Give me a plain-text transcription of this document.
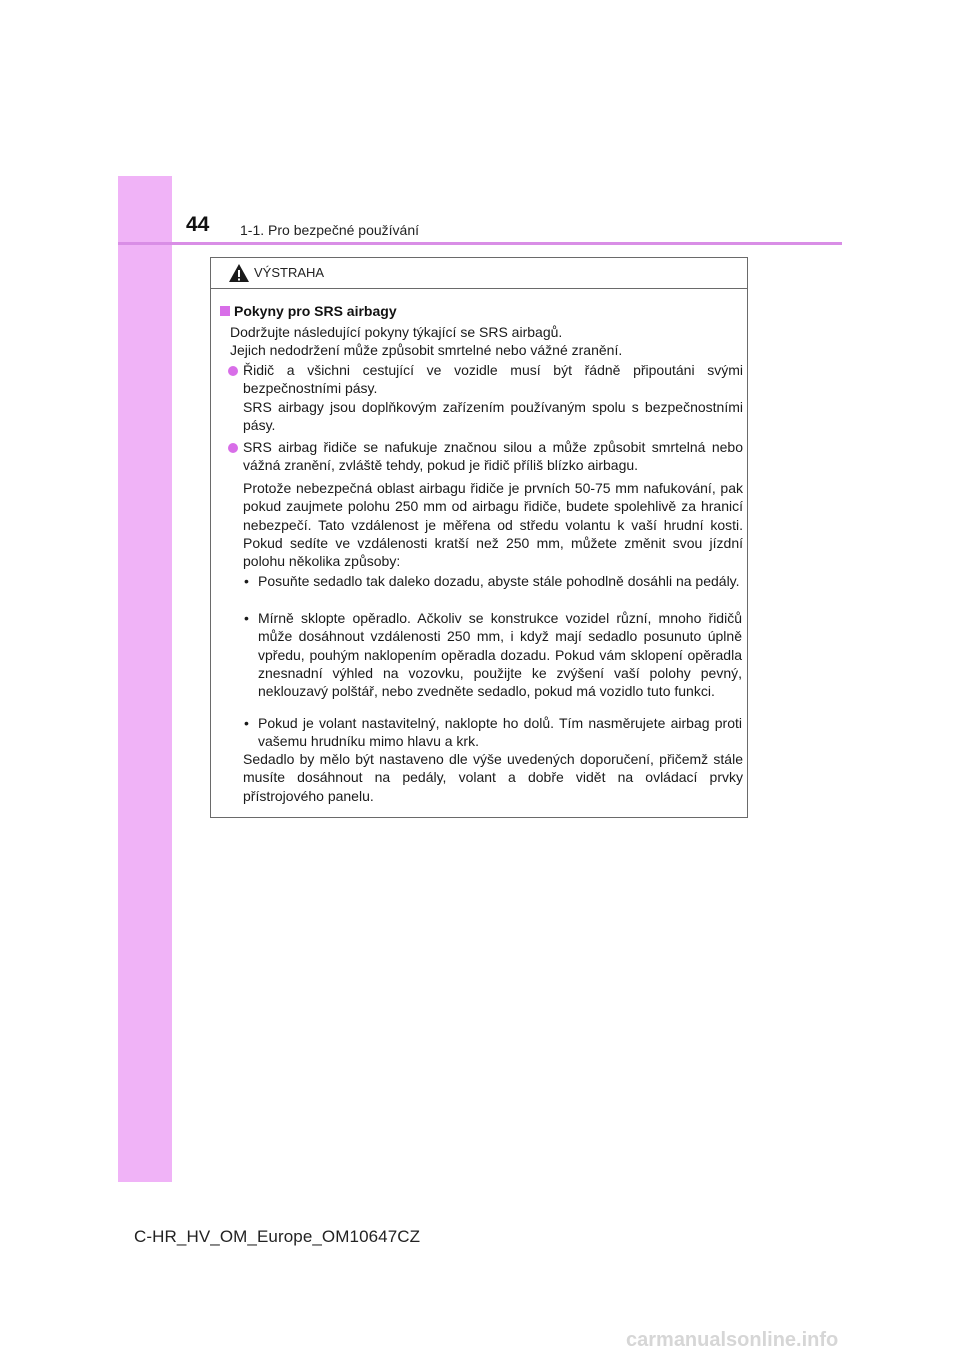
44 1-1. Pro bezpečné používání
VÝSTRAHA
Pokyny pro SRS airbagy
Dodržujte následující pokyny týkající se SRS airbagů.
Jejich nedodržení může způsobit smrtelné nebo vážné zranění.
Řidič a všichni cestující ve vozidle musí být řádně připoutáni svými bezpečnostními pásy.
SRS airbagy jsou doplňkovým zařízením používaným spolu s bezpečnostními pásy.
SRS airbag řidiče se nafukuje značnou silou a může způsobit smrtelná nebo vážná zranění, zvláště tehdy, pokud je řidič příliš blízko airbagu.
Protože nebezpečná oblast airbagu řidiče je prvních 50-75 mm nafukování, pak pokud zaujmete polohu 250 mm od airbagu řidiče, budete spolehlivě za hranicí nebezpečí. Tato vzdálenost je měřena od středu volantu k vaší hrudní kosti. Pokud sedíte ve vzdálenosti kratší než 250 mm, můžete změnit svou jízdní polohu několika způsoby:
• Posuňte sedadlo tak daleko dozadu, abyste stále pohodlně dosáhli na pedály.
• Mírně sklopte opěradlo. Ačkoliv se konstrukce vozidel různí, mnoho řidičů může dosáhnout vzdálenosti 250 mm, i když mají sedadlo posunuto úplně vpředu, pouhým naklopením opěradla dozadu. Pokud vám sklopení opěradla znesnadní výhled na vozovku, použijte ke zvýšení vaší polohy pevný, neklouzavý polštář, nebo zvedněte sedadlo, pokud má vozidlo tuto funkci.
• Pokud je volant nastavitelný, naklopte ho dolů. Tím nasměrujete airbag proti vašemu hrudníku mimo hlavu a krk.
Sedadlo by mělo být nastaveno dle výše uvedených doporučení, přičemž stále musíte dosáhnout na pedály, volant a dobře vidět na ovládací prvky přístrojového panelu.
C-HR_HV_OM_Europe_OM10647CZ
carmanualsonline.info
